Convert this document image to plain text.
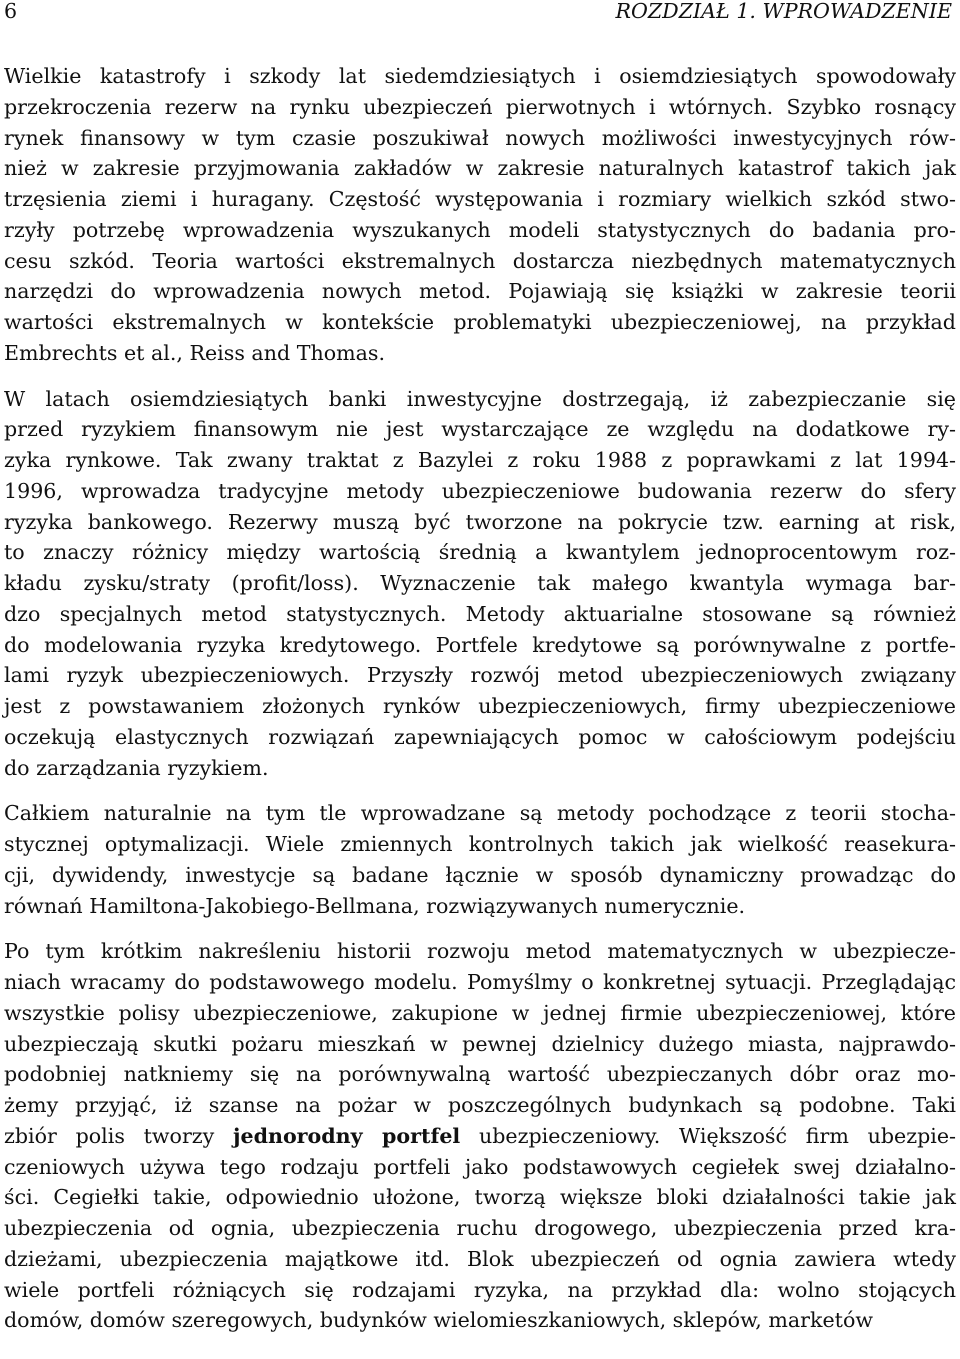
6	ROZDZIAŁ 1. WPROWADZENIE
Wielkie katastrofy i szkody lat siedemdziesiątych i osiemdziesiątych spowodowały
przekroczenia rezerw na rynku ubezpieczeń pierwotnych i wtórnych. Szybko rosnący
rynek finansowy w tym czasie poszukiwał nowych możliwości inwestycyjnych rów-
nież w zakresie przyjmowania zakładów w zakresie naturalnych katastrof takich jak
trzęsienia ziemi i huragany. Częstość występowania i rozmiary wielkich szkód stwo-
rzyły potrzebę wprowadzenia wyszukanych modeli statystycznych do badania pro-
cesu szkód. Teoria wartości ekstremalnych dostarcza niezbędnych matematycznych
narzędzi do wprowadzenia nowych metod. Pojawiają się książki w zakresie teorii
wartości ekstremalnych w kontekście problematyki ubezpieczeniowej, na przykład
Embrechts et al., Reiss and Thomas.
W latach osiemdziesiątych banki inwestycyjne dostrzegają, iż zabezpieczanie się
przed ryzykiem finansowym nie jest wystarczające ze względu na dodatkowe ry-
zyka rynkowe. Tak zwany traktat z Bazylei z roku 1988 z poprawkami z lat 1994-
1996, wprowadza tradycyjne metody ubezpieczeniowe budowania rezerw do sfery
ryzyka bankowego. Rezerwy muszą być tworzone na pokrycie tzw. earning at risk,
to znaczy różnicy między wartością średnią a kwantylem jednoprocentowym roz-
kładu zysku/straty (profit/loss). Wyznaczenie tak małego kwantyla wymaga bar-
dzo specjalnych metod statystycznych. Metody aktuarialne stosowane są również
do modelowania ryzyka kredytowego. Portfele kredytowe są porównywalne z portfe-
lami ryzyk ubezpieczeniowych. Przyszły rozwój metod ubezpieczeniowych związany
jest z powstawaniem złożonych rynków ubezpieczeniowych, firmy ubezpieczeniowe
oczekują elastycznych rozwiązań zapewniających pomoc w całościowym podejściu
do zarządzania ryzykiem.
Całkiem naturalnie na tym tle wprowadzane są metody pochodzące z teorii stocha-
stycznej optymalizacji. Wiele zmiennych kontrolnych takich jak wielkość reasekura-
cji, dywidendy, inwestycje są badane łącznie w sposób dynamiczny prowadząc do
równań Hamiltona-Jakobiego-Bellmana, rozwiązywanych numerycznie.
Po tym krótkim nakreśleniu historii rozwoju metod matematycznych w ubezpiecze-
niach wracamy do podstawowego modelu. Pomyślmy o konkretnej sytuacji. Przeglądając
wszystkie polisy ubezpieczeniowe, zakupione w jednej firmie ubezpieczeniowej, które
ubezpieczają skutki pożaru mieszkań w pewnej dzielnicy dużego miasta, najprawdo-
podobniej natkniemy się na porównywalną wartość ubezpieczanych dóbr oraz mo-
żemy przyjąć, iż szanse na pożar w poszczególnych budynkach są podobne. Taki
zbiór polis tworzy jednorodny portfel ubezpieczeniowy. Większość firm ubezpie-
czeniowych używa tego rodzaju portfeli jako podstawowych cegiełek swej działalno-
ści. Cegiełki takie, odpowiednio ułożone, tworzą większe bloki działalności takie jak
ubezpieczenia od ognia, ubezpieczenia ruchu drogowego, ubezpieczenia przed kra-
dzieżami, ubezpieczenia majątkowe itd. Blok ubezpieczeń od ognia zawiera wtedy
wiele portfeli różniących się rodzajami ryzyka, na przykład dla: wolno stojących
domów, domów szeregowych, budynków wielomieszkaniowych, sklepów, marketów
